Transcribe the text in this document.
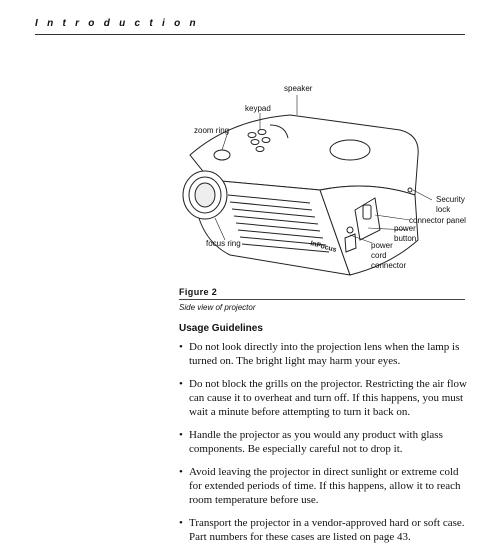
Introduction
InFocus
speaker
keypad
zoom ring
focus ring
Security
lock
connector panel
power
button
power
cord
connector
Figure 2
Side view of projector
Usage Guidelines
• Do not look directly into the projection lens when the lamp is turned on. The bright light may harm your eyes.
• Do not block the grills on the projector. Restricting the air flow can cause it to overheat and turn off. If this happens, you must wait a minute before attempting to turn it back on.
• Handle the projector as you would any product with glass components. Be especially careful not to drop it.
• Avoid leaving the projector in direct sunlight or extreme cold for extended periods of time. If this happens, allow it to reach room temperature before use.
• Transport the projector in a vendor-approved hard or soft case. Part numbers for these cases are listed on page 43.
